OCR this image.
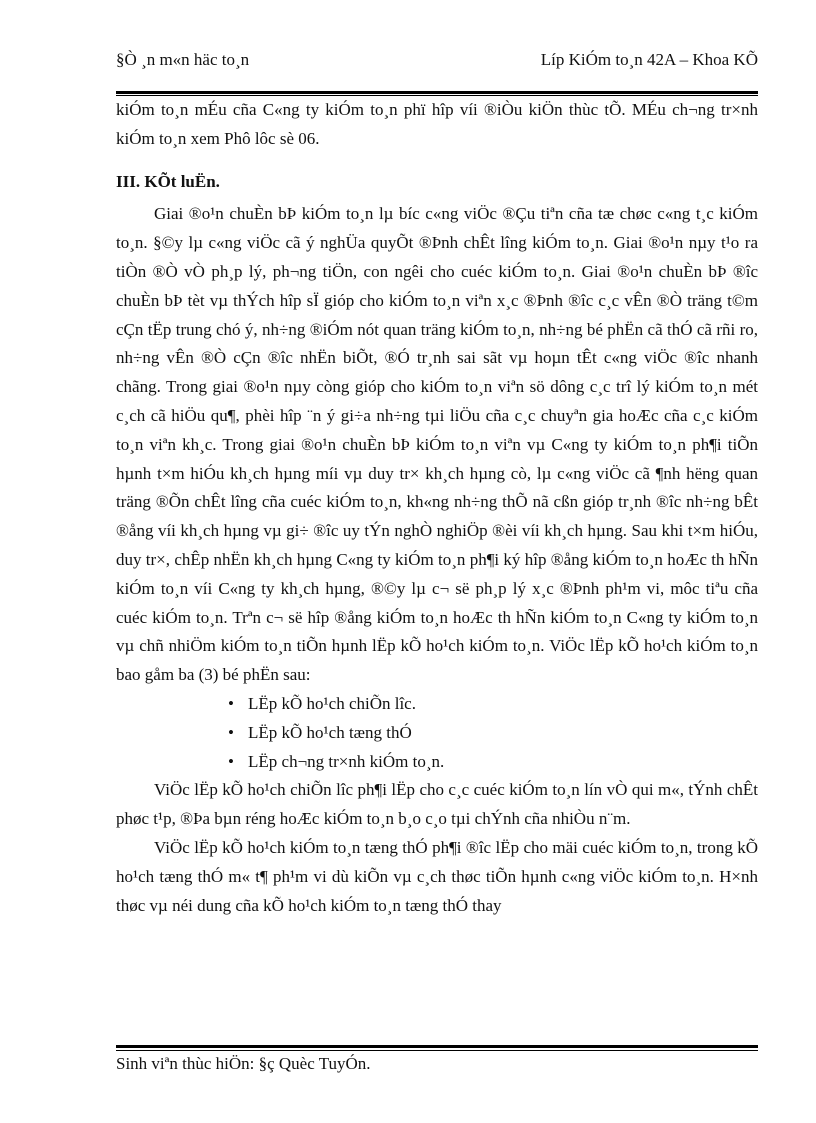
§Ò ¸n m«n häc to¸n	Líp KiÓm to¸n 42A – Khoa KÕ

kiÓm to¸n mÉu cña C«ng ty kiÓm to¸n phï hîp víi ®iÒu kiÖn thùc tÕ. MÉu ch¬ng tr×nh kiÓm to¸n xem Phô lôc sè 06.

III. KÕt luËn.

Giai ®o¹n chuÈn bÞ kiÓm to¸n lµ bíc c«ng viÖc ®Çu tiªn cña tæ chøc c«ng t¸c kiÓm to¸n. §©y lµ c«ng viÖc cã ý nghÜa quyÕt ®Þnh chÊt lîng kiÓm to¸n. Giai ®o¹n nµy t¹o ra tiÒn ®Ò vÒ ph¸p lý, ph¬ng tiÖn, con ngêi cho cuéc kiÓm to¸n. Giai ®o¹n chuÈn bÞ ®îc chuÈn bÞ tèt vµ thÝch hîp sÏ gióp cho kiÓm to¸n viªn x¸c ®Þnh ®îc c¸c vÊn ®Ò träng t©m cÇn tËp trung chó ý, nh÷ng ®iÓm nót quan träng kiÓm to¸n, nh÷ng bé phËn cã thÓ cã rñi ro, nh÷ng vÊn ®Ò cÇn ®îc nhËn biÕt, ®Ó tr¸nh sai sãt vµ hoµn tÊt c«ng viÖc ®îc nhanh chãng. Trong giai ®o¹n nµy còng gióp cho kiÓm to¸n viªn sö dông c¸c trî lý kiÓm to¸n mét c¸ch cã hiÖu qu¶, phèi hîp ¨n ý gi÷a nh÷ng tµi liÖu cña c¸c chuyªn gia hoÆc cña c¸c kiÓm to¸n viªn kh¸c. Trong giai ®o¹n chuÈn bÞ kiÓm to¸n viªn vµ C«ng ty kiÓm to¸n ph¶i tiÕn hµnh t×m hiÓu kh¸ch hµng míi vµ duy tr× kh¸ch hµng cò, lµ c«ng viÖc cã ¶nh hëng quan träng ®Õn chÊt lîng cña cuéc kiÓm to¸n, kh«ng nh÷ng thÕ nã cßn gióp tr¸nh ®îc nh÷ng bÊt ®ång víi kh¸ch hµng vµ gi÷ ®îc uy tÝn nghÒ nghiÖp ®èi víi kh¸ch hµng. Sau khi t×m hiÓu, duy tr×, chÊp nhËn kh¸ch hµng C«ng ty kiÓm to¸n ph¶i ký hîp ®ång kiÓm to¸n hoÆc th hÑn kiÓm to¸n víi C«ng ty kh¸ch hµng, ®©y lµ c¬ së ph¸p lý x¸c ®Þnh ph¹m vi, môc tiªu cña cuéc kiÓm to¸n. Trªn c¬ së hîp ®ång kiÓm to¸n hoÆc th hÑn kiÓm to¸n C«ng ty kiÓm to¸n vµ chñ nhiÖm kiÓm to¸n tiÕn hµnh lËp kÕ ho¹ch kiÓm to¸n. ViÖc lËp kÕ ho¹ch kiÓm to¸n bao gåm ba (3) bé phËn sau:

• LËp kÕ ho¹ch chiÕn lîc.
• LËp kÕ ho¹ch tæng thÓ
• LËp ch¬ng tr×nh kiÓm to¸n.

ViÖc lËp kÕ ho¹ch chiÕn lîc ph¶i lËp cho c¸c cuéc kiÓm to¸n lín vÒ qui m«, tÝnh chÊt phøc t¹p, ®Þa bµn réng hoÆc kiÓm to¸n b¸o c¸o tµi chÝnh cña nhiÒu n¨m.

ViÖc lËp kÕ ho¹ch kiÓm to¸n tæng thÓ ph¶i ®îc lËp cho mäi cuéc kiÓm to¸n, trong kÕ ho¹ch tæng thÓ m« t¶ ph¹m vi dù kiÕn vµ c¸ch thøc tiÕn hµnh c«ng viÖc kiÓm to¸n. H×nh thøc vµ néi dung cña kÕ ho¹ch kiÓm to¸n tæng thÓ thay

Sinh viªn thùc hiÖn: §ç Quèc TuyÓn.
